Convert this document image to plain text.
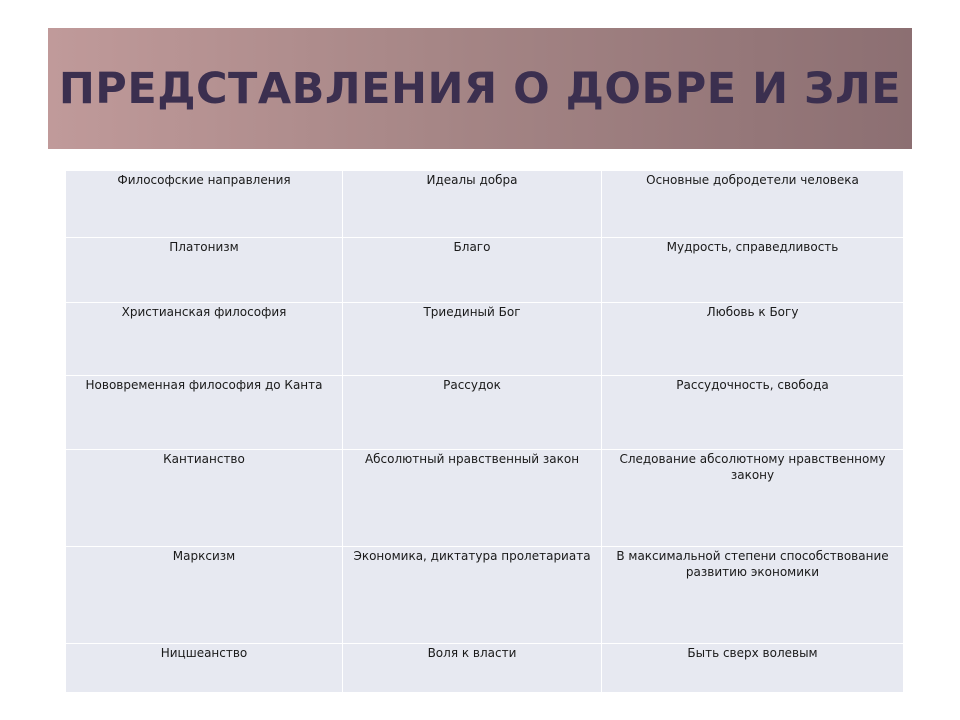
ПРЕДСТАВЛЕНИЯ О ДОБРЕ И ЗЛЕ
Философские направления	Идеалы добра	Основные добродетели человека
Платонизм	Благо	Мудрость, справедливость
Христианская философия	Триединый Бог	Любовь к Богу
Нововременная философия до Канта	Рассудок	Рассудочность, свобода
Кантианство	Абсолютный нравственный закон	Следование абсолютному нравственному закону
Марксизм	Экономика, диктатура пролетариата	В максимальной степени способствование развитию экономики
Ницшеанство	Воля к власти	Быть сверх волевым
